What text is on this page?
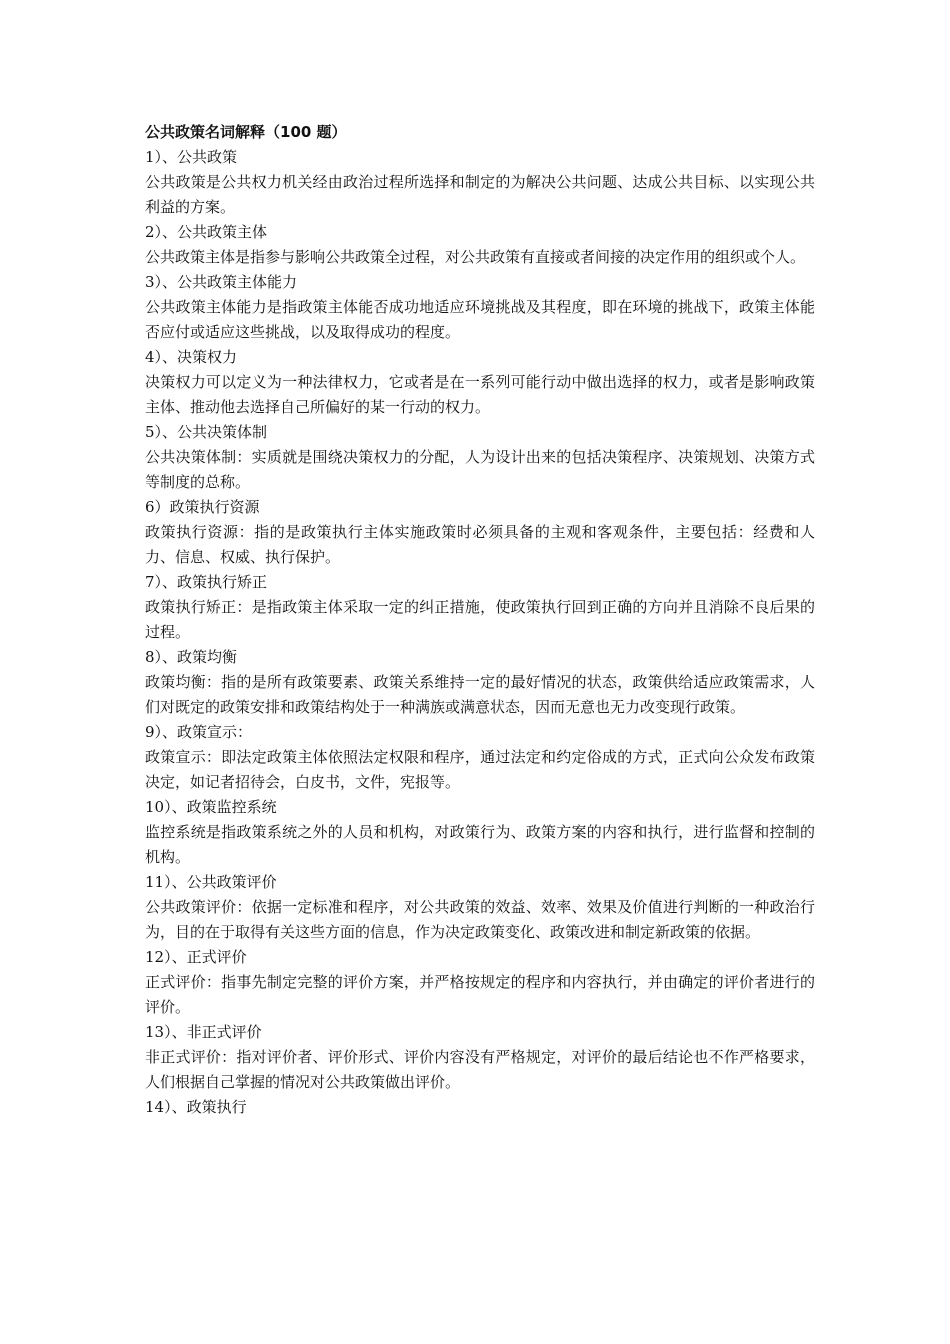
公共政策名词解释（100 题）

1）、公共政策

公共政策是公共权力机关经由政治过程所选择和制定的为解决公共问题、达成公共目标、以实现公共利益的方案。

2）、公共政策主体

公共政策主体是指参与影响公共政策全过程，对公共政策有直接或者间接的决定作用的组织或个人。

3）、公共政策主体能力

公共政策主体能力是指政策主体能否成功地适应环境挑战及其程度，即在环境的挑战下，政策主体能否应付或适应这些挑战，以及取得成功的程度。

4）、决策权力

决策权力可以定义为一种法律权力，它或者是在一系列可能行动中做出选择的权力，或者是影响政策主体、推动他去选择自己所偏好的某一行动的权力。

5）、公共决策体制

公共决策体制：实质就是围绕决策权力的分配，人为设计出来的包括决策程序、决策规划、决策方式等制度的总称。

6）政策执行资源

政策执行资源：指的是政策执行主体实施政策时必须具备的主观和客观条件，主要包括：经费和人力、信息、权威、执行保护。

7）、政策执行矫正

政策执行矫正：是指政策主体采取一定的纠正措施，使政策执行回到正确的方向并且消除不良后果的过程。

8）、政策均衡

政策均衡：指的是所有政策要素、政策关系维持一定的最好情况的状态，政策供给适应政策需求，人们对既定的政策安排和政策结构处于一种满族或满意状态，因而无意也无力改变现行政策。

9）、政策宣示：

政策宣示：即法定政策主体依照法定权限和程序，通过法定和约定俗成的方式，正式向公众发布政策决定，如记者招待会，白皮书，文件，宪报等。

10）、政策监控系统

监控系统是指政策系统之外的人员和机构，对政策行为、政策方案的内容和执行，进行监督和控制的机构。

11）、公共政策评价

公共政策评价：依据一定标准和程序，对公共政策的效益、效率、效果及价值进行判断的一种政治行为，目的在于取得有关这些方面的信息，作为决定政策变化、政策改进和制定新政策的依据。

12）、正式评价

正式评价：指事先制定完整的评价方案，并严格按规定的程序和内容执行，并由确定的评价者进行的评价。

13）、非正式评价

非正式评价：指对评价者、评价形式、评价内容没有严格规定，对评价的最后结论也不作严格要求，人们根据自己掌握的情况对公共政策做出评价。

14）、政策执行
